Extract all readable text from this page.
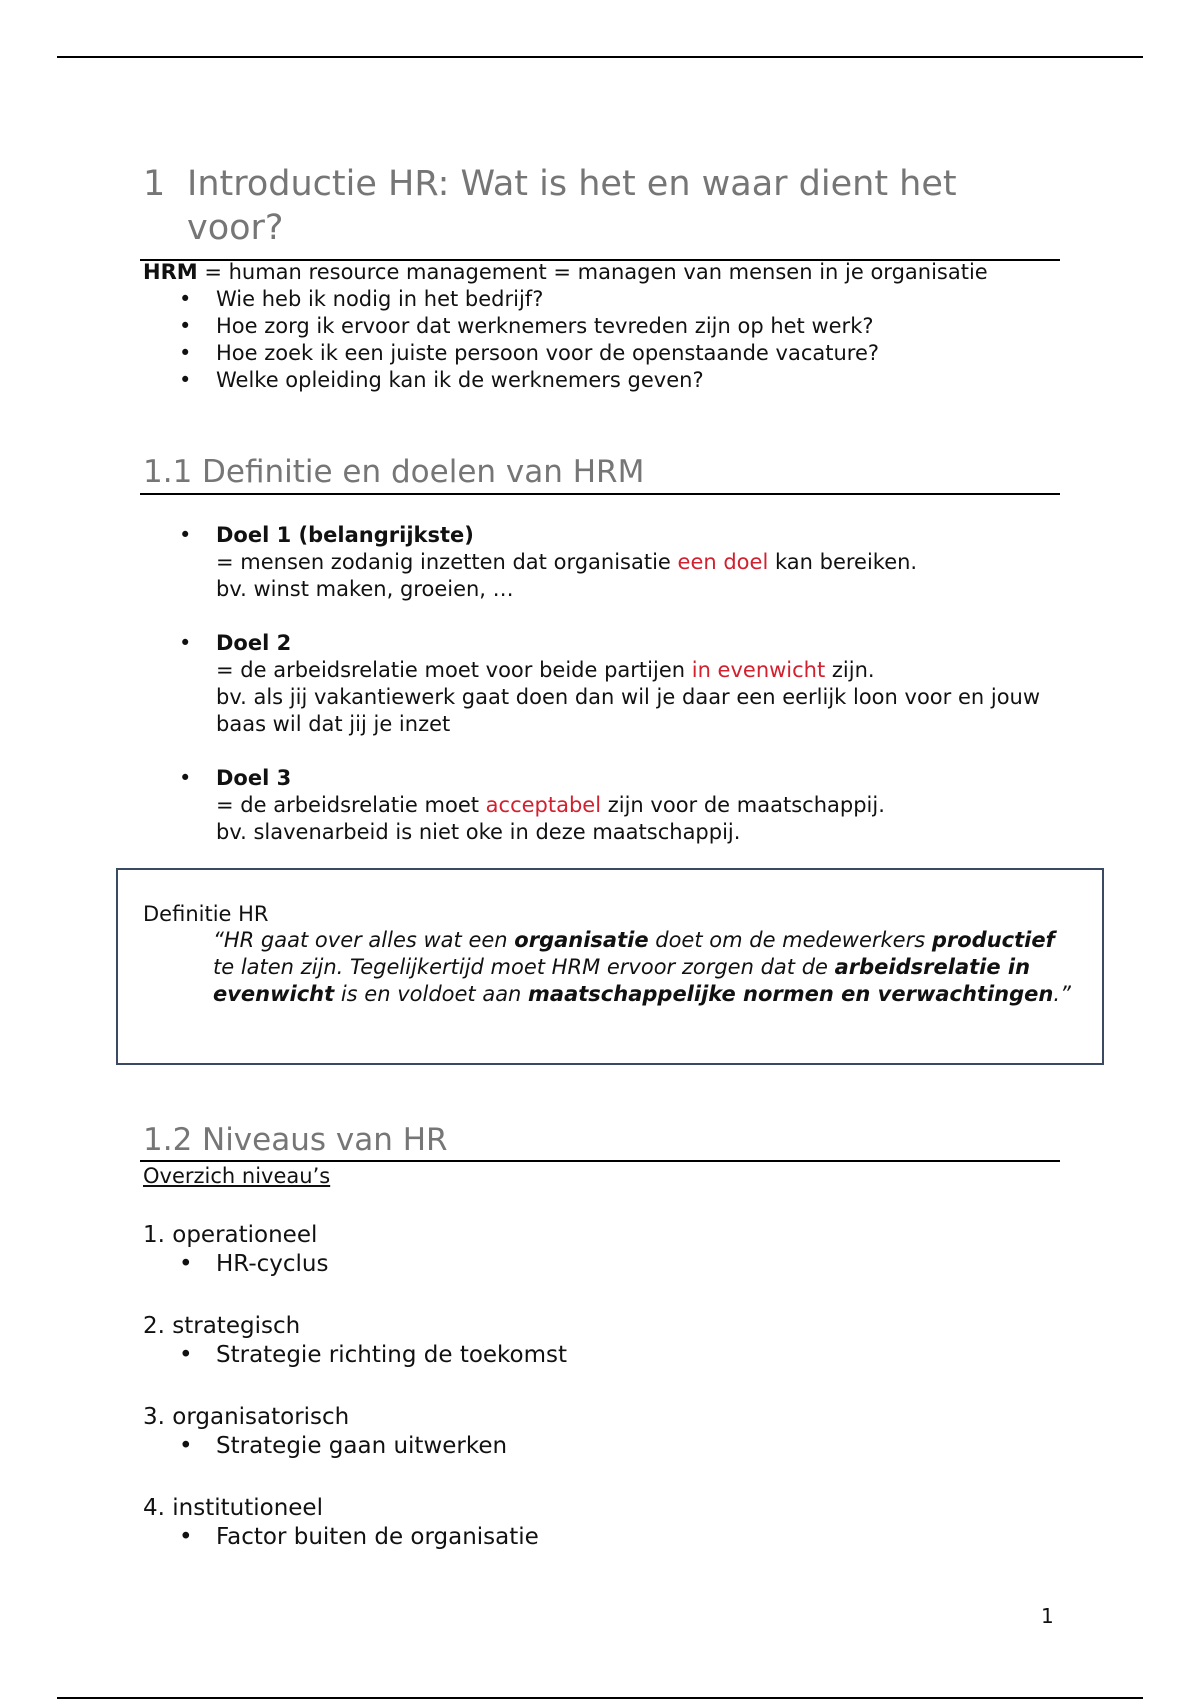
1 Introductie HR: Wat is het en waar dient het voor?
HRM = human resource management = managen van mensen in je organisatie
• Wie heb ik nodig in het bedrijf?
• Hoe zorg ik ervoor dat werknemers tevreden zijn op het werk?
• Hoe zoek ik een juiste persoon voor de openstaande vacature?
• Welke opleiding kan ik de werknemers geven?
1.1 Definitie en doelen van HRM
• Doel 1 (belangrijkste)
= mensen zodanig inzetten dat organisatie een doel kan bereiken.
bv. winst maken, groeien, …
• Doel 2
= de arbeidsrelatie moet voor beide partijen in evenwicht zijn.
bv. als jij vakantiewerk gaat doen dan wil je daar een eerlijk loon voor en jouw baas wil dat jij je inzet
• Doel 3
= de arbeidsrelatie moet acceptabel zijn voor de maatschappij.
bv. slavenarbeid is niet oke in deze maatschappij.
Definitie HR
“HR gaat over alles wat een organisatie doet om de medewerkers productief te laten zijn. Tegelijkertijd moet HRM ervoor zorgen dat de arbeidsrelatie in evenwicht is en voldoet aan maatschappelijke normen en verwachtingen.”
1.2 Niveaus van HR
Overzich niveau’s
1. operationeel
• HR-cyclus
2. strategisch
• Strategie richting de toekomst
3. organisatorisch
• Strategie gaan uitwerken
4. institutioneel
• Factor buiten de organisatie
1
